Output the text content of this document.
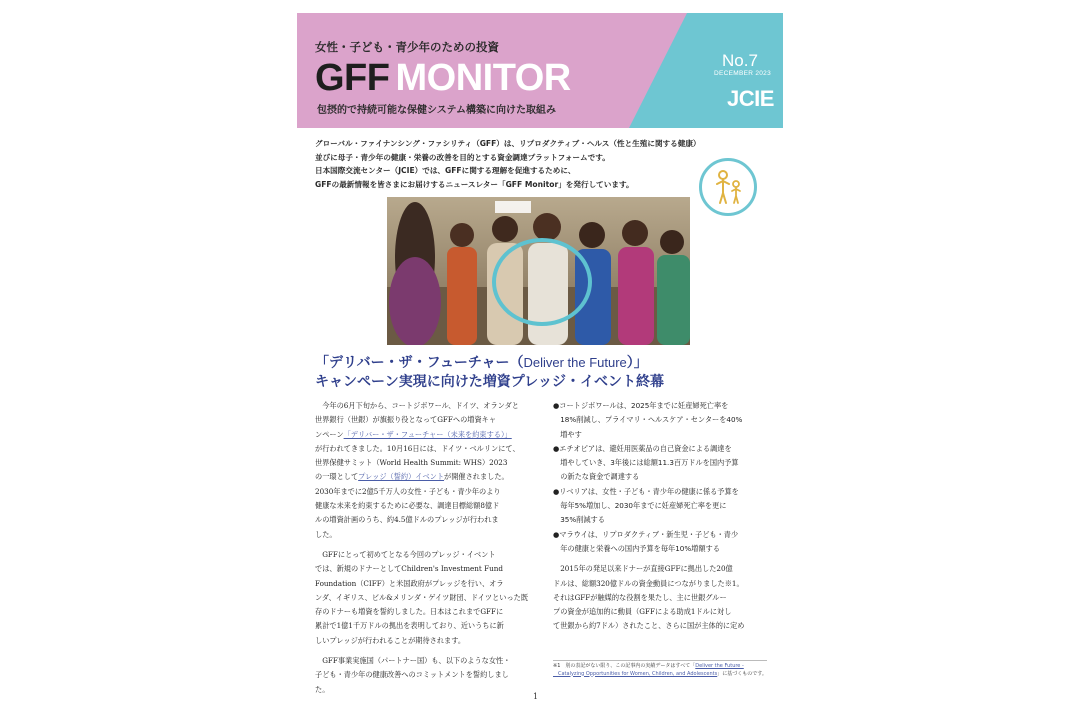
女性・子ども・青少年のための投資
GFF MONITOR
包摂的で持続可能な保健システム構築に向けた取組み
No.7
DECEMBER 2023
JCIE
グローバル・ファイナンシング・ファシリティ（GFF）は、リプロダクティブ・ヘルス（性と生殖に関する健康）
並びに母子・青少年の健康・栄養の改善を目的とする資金調達プラットフォームです。
日本国際交流センター（JCIE）では、GFFに関する理解を促進するために、
GFFの最新情報を皆さまにお届けするニュースレター「GFF Monitor」を発行しています。
「デリバー・ザ・フューチャー（Deliver the Future）」
キャンペーン実現に向けた増資プレッジ・イベント終幕

　今年の6月下旬から、コートジボワール、ドイツ、オランダと

世界銀行（世銀）が旗振り役となってGFFへの増資キャ

ンペーン「デリバー・ザ・フューチャー（未来を約束する）」

が行われてきました。10月16日には、ドイツ・ベルリンにて、

世界保健サミット（World Health Summit: WHS）2023

の一環としてプレッジ（誓約）イベントが開催されました。

2030年までに2億5千万人の女性・子ども・青少年のより

健康な未来を約束するために必要な、調達目標総額8億ド

ルの増資計画のうち、約4.5億ドルのプレッジが行われま

した。

　GFFにとって初めてとなる今回のプレッジ・イベント

では、新規のドナーとしてChildren's Investment Fund

Foundation（CIFF）と米国政府がプレッジを行い、オラ

ンダ、イギリス、ビル&メリンダ・ゲイツ財団、ドイツといった既

存のドナーも増資を誓約しました。日本はこれまでGFFに

累計で1億1千万ドルの拠出を表明しており、近いうちに新

しいプレッジが行われることが期待されます。

　GFF事業実施国（パートナー国）も、以下のような女性・

子ども・青少年の健康改善へのコミットメントを誓約しまし

た。

●コートジボワールは、2025年までに妊産婦死亡率を

　18%削減し、プライマリ・ヘルスケア・センターを40%

　増やす

●エチオピアは、避妊用医薬品の自己資金による調達を

　増やしていき、3年後には総額11.3百万ドルを国内予算

　の新たな資金で調達する

●リベリアは、女性・子ども・青少年の健康に係る予算を

　毎年5%増加し、2030年までに妊産婦死亡率を更に

　35%削減する

●マラウイは、リプロダクティブ・新生児・子ども・青少

　年の健康と栄養への国内予算を毎年10%増額する

　2015年の発足以来ドナーが直接GFFに拠出した20億

ドルは、総額320億ドルの資金動員につながりました※1。

それはGFFが触媒的な役割を果たし、主に世銀グルー

プの資金が追加的に動員（GFFによる助成1ドルに対し

て世銀から約7ドル）されたこと、さらに国が主体的に定め

※1　別の表記がない限り、この記事内の実績データはすべて「Deliver the Future -
　Catalyzing Opportunities for Women, Children, and Adolescents」に基づくものです。
1
